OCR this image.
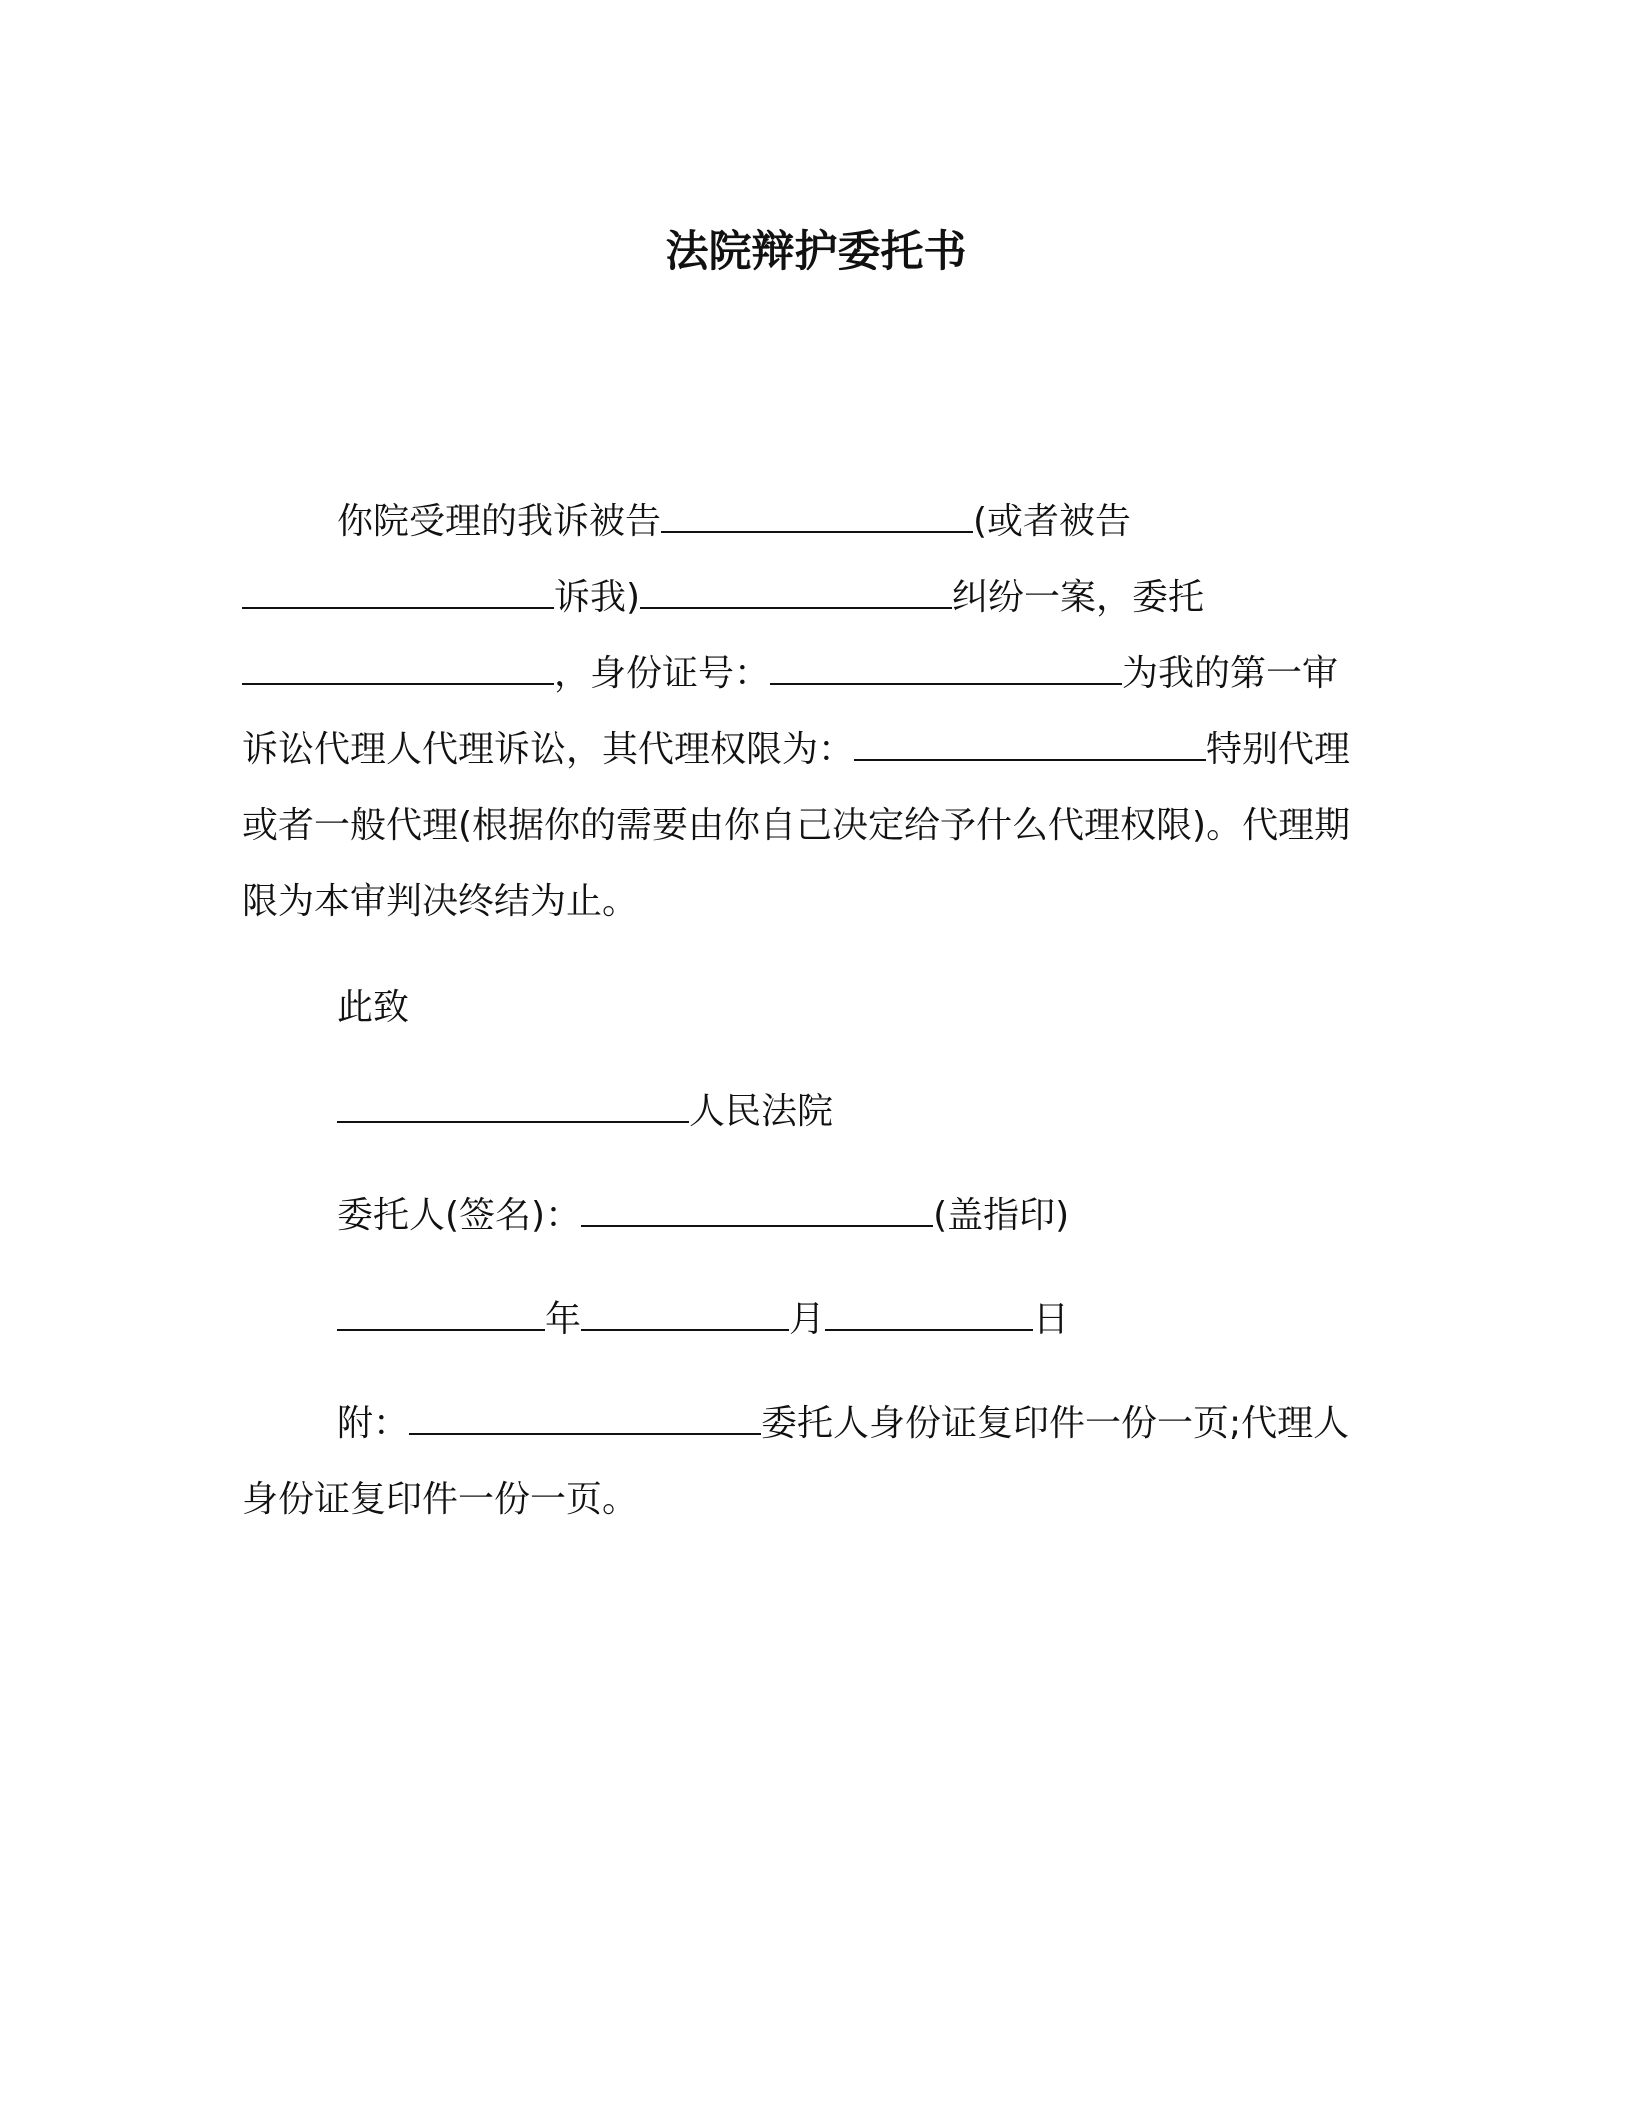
法院辩护委托书
你院受理的我诉被告	(或者被告
诉我)	纠纷一案，委托
，身份证号：	为我的第一审
诉讼代理人代理诉讼，其代理权限为：	特别代理
或者一般代理(根据你的需要由你自己决定给予什么代理权限)。代理期
限为本审判决终结为止。
此致
人民法院
委托人(签名)：	(盖指印)
年	月	日
附：	委托人身份证复印件一份一页;代理人
身份证复印件一份一页。
